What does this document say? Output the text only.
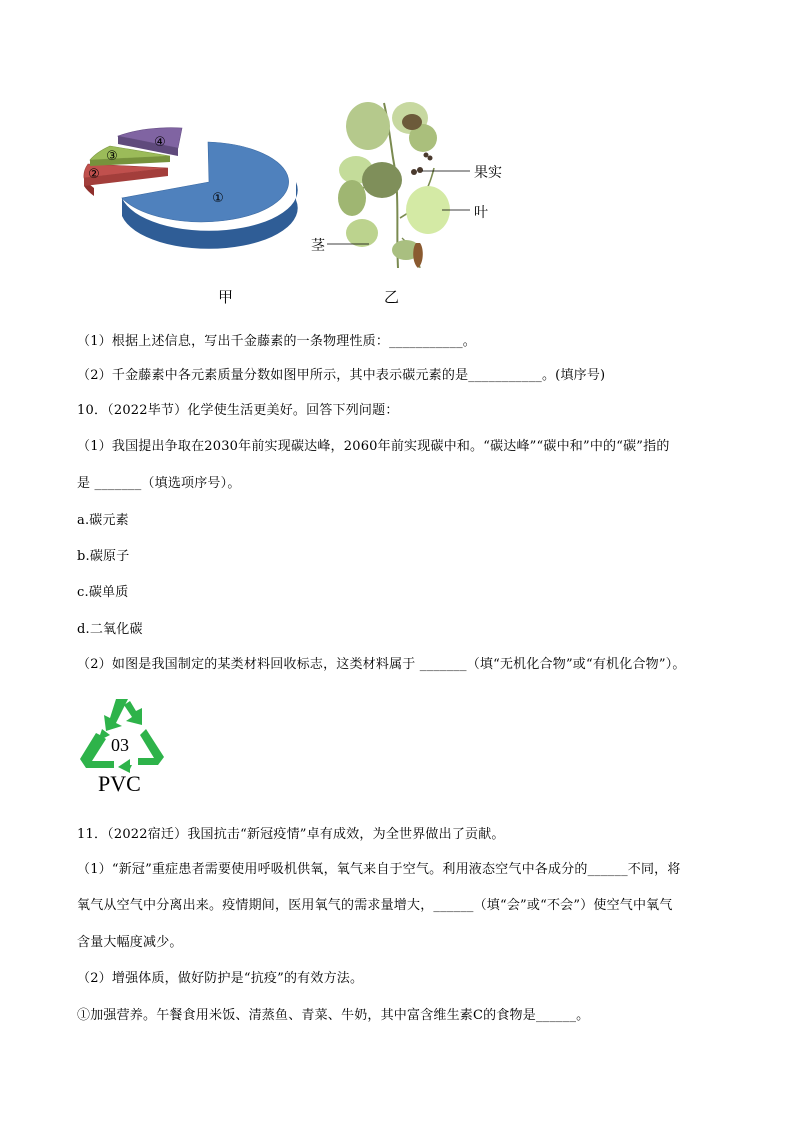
①
②
③
④
甲
果实
叶
茎
乙
（1）根据上述信息，写出千金藤素的一条物理性质：___________。
（2）千金藤素中各元素质量分数如图甲所示，其中表示碳元素的是___________。(填序号)
10．（2022毕节）化学使生活更美好。回答下列问题：
（1）我国提出争取在2030年前实现碳达峰，2060年前实现碳中和。“碳达峰”“碳中和”中的“碳”指的
是 _______（填选项序号）。
a.碳元素
b.碳原子
c.碳单质
d.二氧化碳
（2）如图是我国制定的某类材料回收标志，这类材料属于 _______（填“无机化合物”或“有机化合物”）。
03
PVC
11．（2022宿迁）我国抗击“新冠疫情”卓有成效，为全世界做出了贡献。
（1）“新冠”重症患者需要使用呼吸机供氧，氧气来自于空气。利用液态空气中各成分的______不同，将
氧气从空气中分离出来。疫情期间，医用氧气的需求量增大，______（填“会”或“不会”）使空气中氧气
含量大幅度减少。
（2）增强体质，做好防护是“抗疫”的有效方法。
①加强营养。午餐食用米饭、清蒸鱼、青菜、牛奶，其中富含维生素C的食物是______。
